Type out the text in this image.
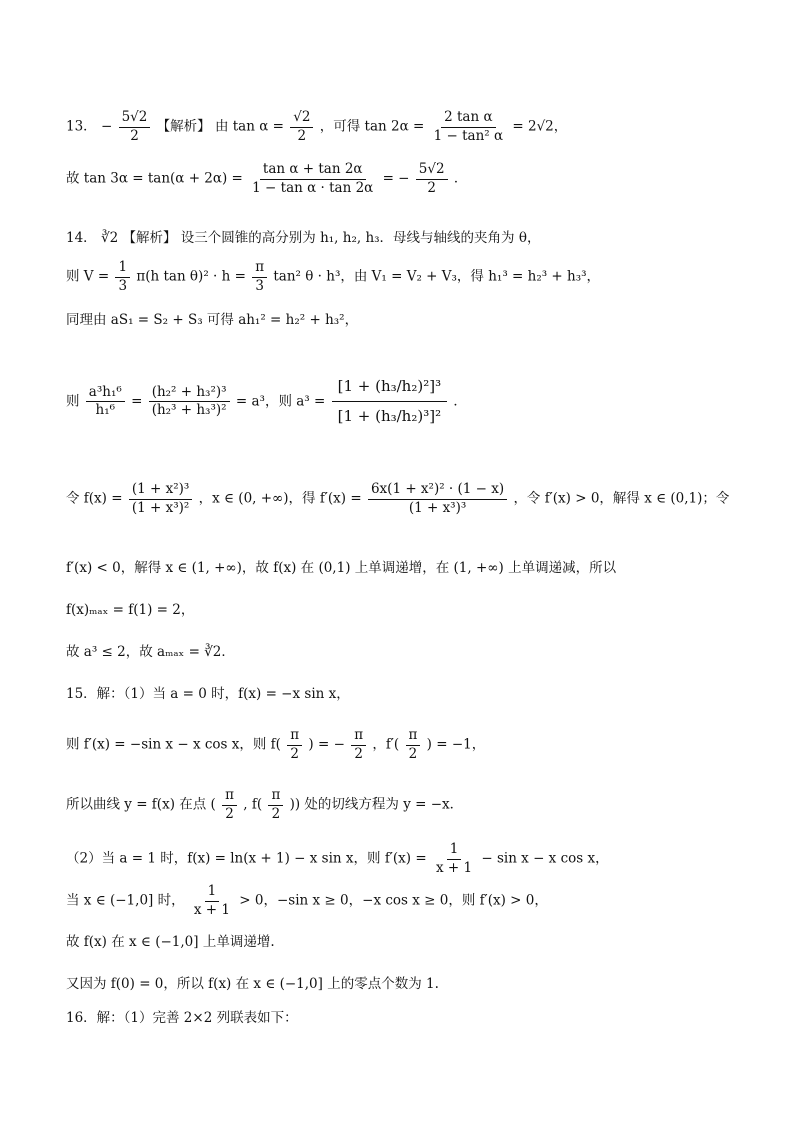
13． − $\frac{5√2}{2}$ 【解析】 由 $\tan \alpha = \frac{√2}{2}$ ，可得 $\tan 2\alpha = \frac{\text{2 tan α}}{\text{1 − tan² α}} = 2√2$，
故 $\tan 3\alpha = \tan(\alpha + 2\alpha) = \frac{\text{tan α + tan 2α}}{\text{1 − tan α · tan 2α}}$ = − $\frac{5√2}{2}$ ．
14． ∛2 【解析】 设三个圆锥的高分别为 h₁, h₂, h₃．母线与轴线的夹角为 θ，
则 $V = \frac{1}{3} \pi(h$ $\tan \theta)^2 \cdot h = \frac{\pi}{3} \tan^2$ θ · h³，由 V₁ = V₂ + V₃，得 h₁³ = h₂³ + h₃³，
同理由 aS₁ = S₂ + S₃ 可得 ah₁² = h₂² + h₃²，
则 $\frac{\text{a³h₁⁶}}{\text{h₁⁶}} = \frac{\text{(h₂² + h₃²)³}}{\text{(h₂³ + h₃³)²}} = a^3$，则 $a^3 = \frac{\text{[1 + (h₃/h₂)²]³}}{\text{[1 + (h₃/h₂)³]²}}$ ．
令 $f(x) = \frac{\text{(1 + x²)³}}{\text{(1 + x³)²}}$ ，x ∈ (0, +∞)，得 $f'(x) = \frac{\text{6x(1 + x²)² · (1 − x)}}{\text{(1 + x³)³}}$ ，令 f′(x) > 0，解得 x ∈ (0,1)；令
f′(x) < 0，解得 x ∈ (1, +∞)，故 f(x) 在 (0,1) 上单调递增，在 (1, +∞) 上单调递减，所以
f(x)ₘₐₓ = f(1) = 2，
故 a³ ≤ 2，故 aₘₐₓ = ∛2．
15．解：（1）当 a = 0 时，f(x) = −x sin x，
则 f′(x) = −sin x − x cos x，则 $f( \frac{\pi}{2}$ ) = − $\frac{\pi}{2}$ ，$f'( \frac{\pi}{2}$ ) = −1，
所以曲线 y = f(x) 在点 ( $\frac{\pi}{2}$ , $f( \frac{\pi}{2}$ )) 处的切线方程为 y = −x．
（2）当 a = 1 时，f(x) = ln(x + 1) − x sin x，则 $f'(x) = \frac{1}{x + 1} - \sin x - x$ cos x，
当 x ∈ (−1,0] 时， $\frac{1}{x + 1} > 0$，−sin x ≥ 0，−x cos x ≥ 0，则 f′(x) > 0，
故 f(x) 在 x ∈ (−1,0] 上单调递增.
又因为 f(0) = 0，所以 f(x) 在 x ∈ (−1,0] 上的零点个数为 1.
16．解：（1）完善 2×2 列联表如下：
